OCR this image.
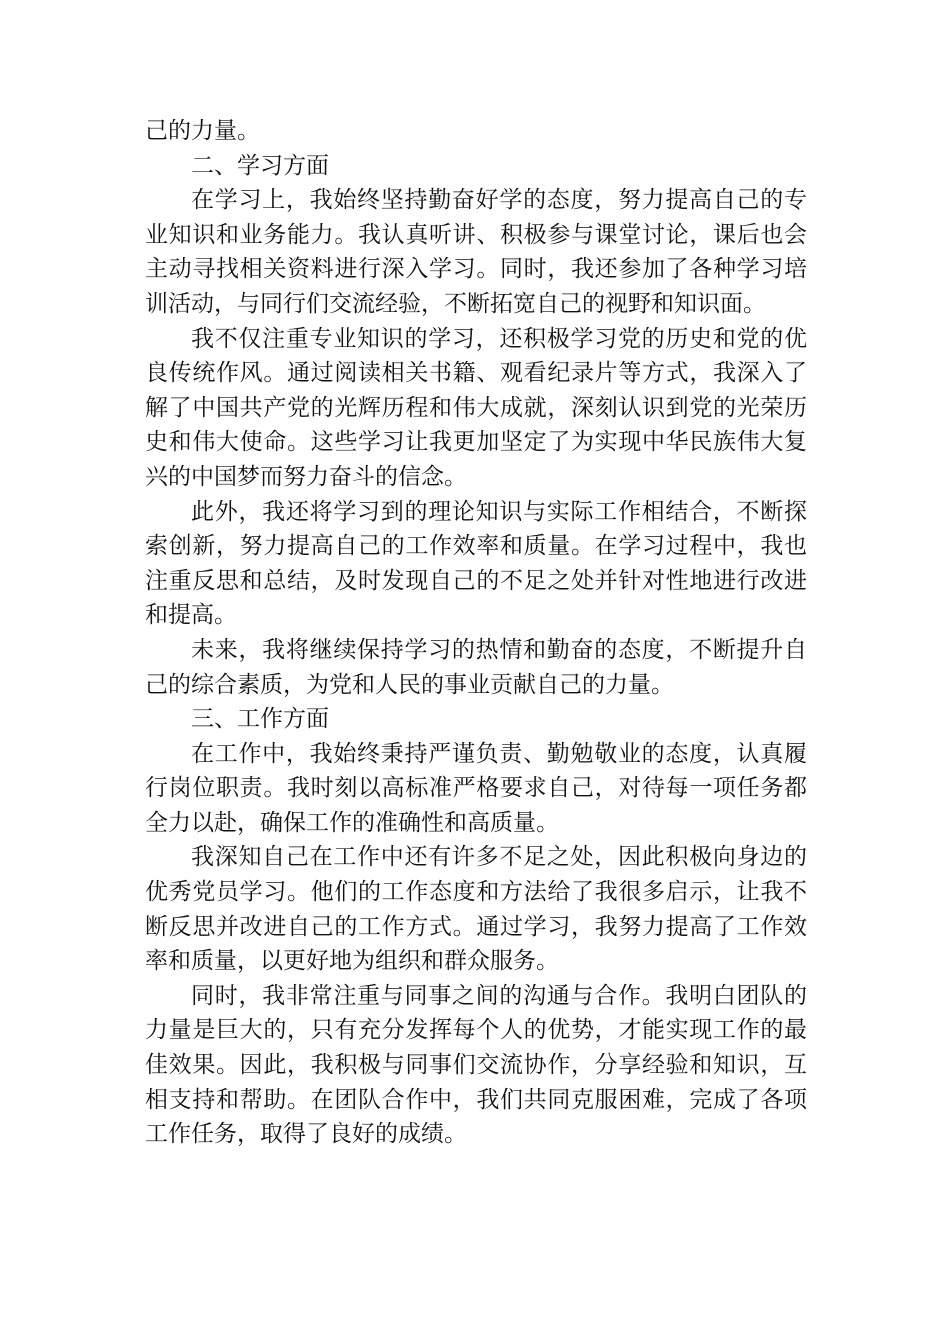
己的力量。

二、学习方面

在学习上，我始终坚持勤奋好学的态度，努力提高自己的专业知识和业务能力。我认真听讲、积极参与课堂讨论，课后也会主动寻找相关资料进行深入学习。同时，我还参加了各种学习培训活动，与同行们交流经验，不断拓宽自己的视野和知识面。

我不仅注重专业知识的学习，还积极学习党的历史和党的优良传统作风。通过阅读相关书籍、观看纪录片等方式，我深入了解了中国共产党的光辉历程和伟大成就，深刻认识到党的光荣历史和伟大使命。这些学习让我更加坚定了为实现中华民族伟大复兴的中国梦而努力奋斗的信念。

此外，我还将学习到的理论知识与实际工作相结合，不断探索创新，努力提高自己的工作效率和质量。在学习过程中，我也注重反思和总结，及时发现自己的不足之处并针对性地进行改进和提高。

未来，我将继续保持学习的热情和勤奋的态度，不断提升自己的综合素质，为党和人民的事业贡献自己的力量。

三、工作方面

在工作中，我始终秉持严谨负责、勤勉敬业的态度，认真履行岗位职责。我时刻以高标准严格要求自己，对待每一项任务都全力以赴，确保工作的准确性和高质量。

我深知自己在工作中还有许多不足之处，因此积极向身边的优秀党员学习。他们的工作态度和方法给了我很多启示，让我不断反思并改进自己的工作方式。通过学习，我努力提高了工作效率和质量，以更好地为组织和群众服务。

同时，我非常注重与同事之间的沟通与合作。我明白团队的力量是巨大的，只有充分发挥每个人的优势，才能实现工作的最佳效果。因此，我积极与同事们交流协作，分享经验和知识，互相支持和帮助。在团队合作中，我们共同克服困难，完成了各项工作任务，取得了良好的成绩。
